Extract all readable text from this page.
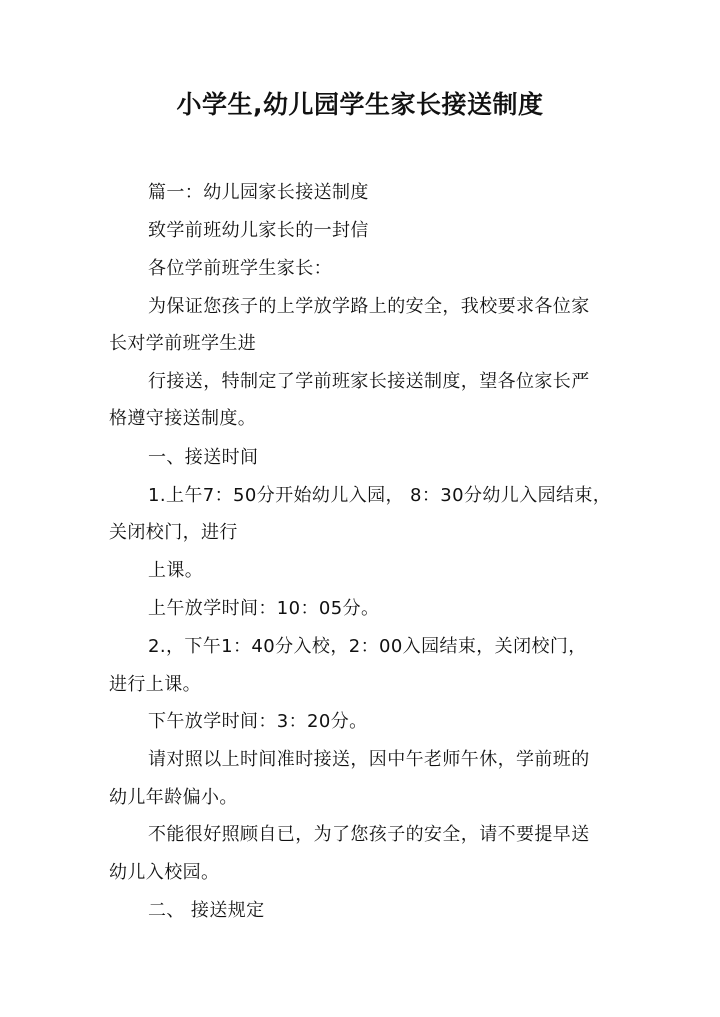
小学生,幼儿园学生家长接送制度
篇一：幼儿园家长接送制度
致学前班幼儿家长的一封信
各位学前班学生家长：
为保证您孩子的上学放学路上的安全，我校要求各位家
长对学前班学生进
行接送，特制定了学前班家长接送制度，望各位家长严
格遵守接送制度。
一、接送时间
1.上午7：50分开始幼儿入园， 8：30分幼儿入园结束，
关闭校门，进行
上课。
上午放学时间：10：05分。
2.，下午1：40分入校，2：00入园结束，关闭校门，
进行上课。
下午放学时间：3：20分。
请对照以上时间准时接送，因中午老师午休，学前班的
幼儿年龄偏小。
不能很好照顾自已，为了您孩子的安全，请不要提早送
幼儿入校园。
二、 接送规定
